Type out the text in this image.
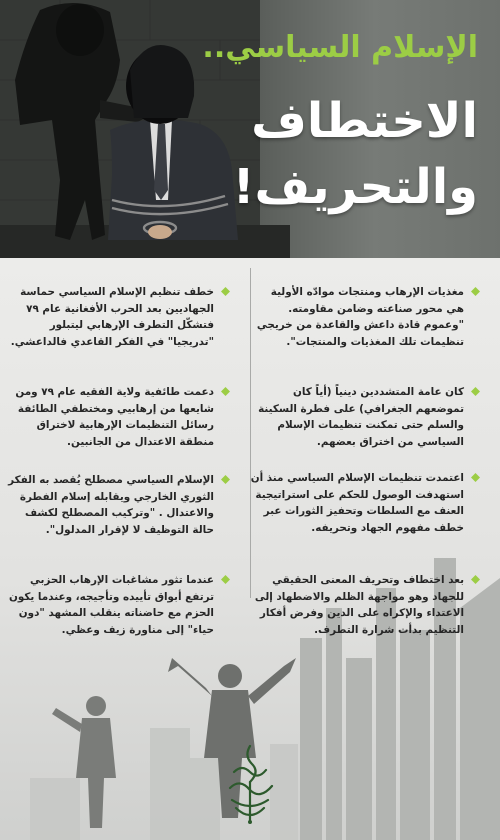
الإسلام السياسي..
الاختطاف
والتحريف!

مغذيات الإرهاب ومنتجات موادّه الأولية هي محور صناعته وضامن مقاومته. "وعموم قادة داعش والقاعدة من خريجي تنظيمات تلك المغذيات والمنتجات".

كان عامة المتشددين دينياً (أياً كان تموضعهم الجغرافي) على فطرة السكينة والسلم حتى تمكنت تنظيمات الإسلام السياسي من اختراق بعضهم.

اعتمدت تنظيمات الإسلام السياسي منذ أن استهدفت الوصول للحكم على استراتيجية العنف مع السلطات وتحفيز الثورات عبر خطف مفهوم الجهاد وتحريفه.

بعد اختطاف وتحريف المعنى الحقيقي للجهاد وهو مواجهة الظلم والاضطهاد إلى الاعتداء والإكراه على الدين وفرض أفكار التنظيم بدأت شرارة التطرف.

خطف تنظيم الإسلام السياسي حماسة الجهاديين بعد الحرب الأفغانية عام ٧٩ فتشكّل التطرف الإرهابي ليتبلور "تدريجيا" في الفكر القاعدي فالداعشي.

دعمت طائفية ولاية الفقيه عام ٧٩ ومن شايعها من إرهابيي ومختطفي الطائفة رسائل التنظيمات الإرهابية لاختراق منطقة الاعتدال من الجانبين.

الإسلام السياسي مصطلح يُقصد به الفكر الثوري الخارجي ويقابله إسلام الفطرة والاعتدال . "وتركيب المصطلح لكشف حالة التوظيف لا لإقرار المدلول".

عندما تثور مشاغبات الإرهاب الحزبي ترتفع أبواق تأييده وتأجيجه، وعندما يكون الحزم مع حاضناته ينقلب المشهد "دون حياء" إلى مناورة زيف وعظي.
